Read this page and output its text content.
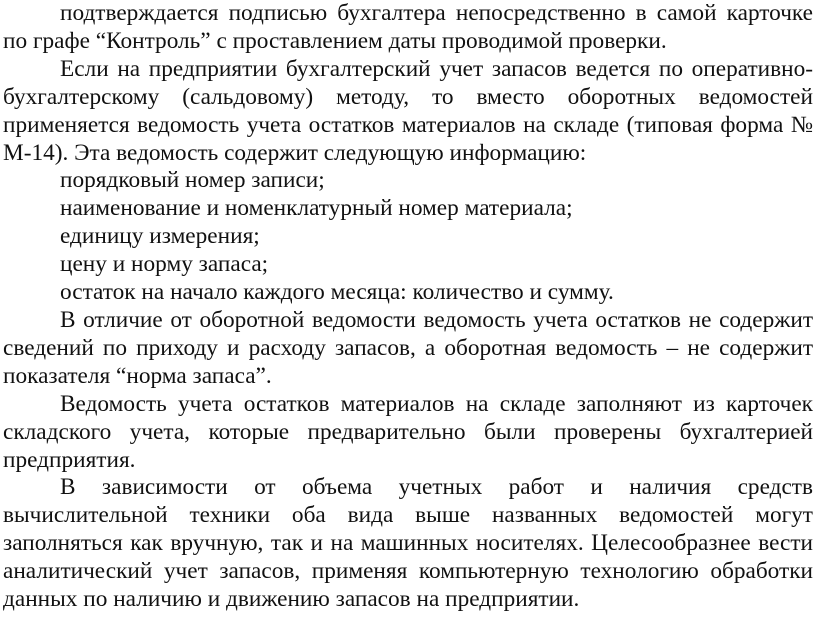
подтверждается подписью бухгалтера непосредственно в самой карточке по графе “Контроль” с проставлением даты проводимой проверки.

Если на предприятии бухгалтерский учет запасов ведется по оперативно-бухгалтерскому (сальдовому) методу, то вместо оборотных ведомостей применяется ведомость учета остатков материалов на складе (типовая форма № М-14). Эта ведомость содержит следующую информацию:

порядковый номер записи;

наименование и номенклатурный номер материала;

единицу измерения;

цену и норму запаса;

остаток на начало каждого месяца: количество и сумму.

В отличие от оборотной ведомости ведомость учета остатков не содержит сведений по приходу и расходу запасов, а оборотная ведомость – не содержит показателя “норма запаса”.

Ведомость учета остатков материалов на складе заполняют из карточек складского учета, которые предварительно были проверены бухгалтерией предприятия.

В зависимости от объема учетных работ и наличия средств вычислительной техники оба вида выше названных ведомостей могут заполняться как вручную, так и на машинных носителях. Целесообразнее вести аналитический учет запасов, применяя компьютерную технологию обработки данных по наличию и движению запасов на предприятии.
